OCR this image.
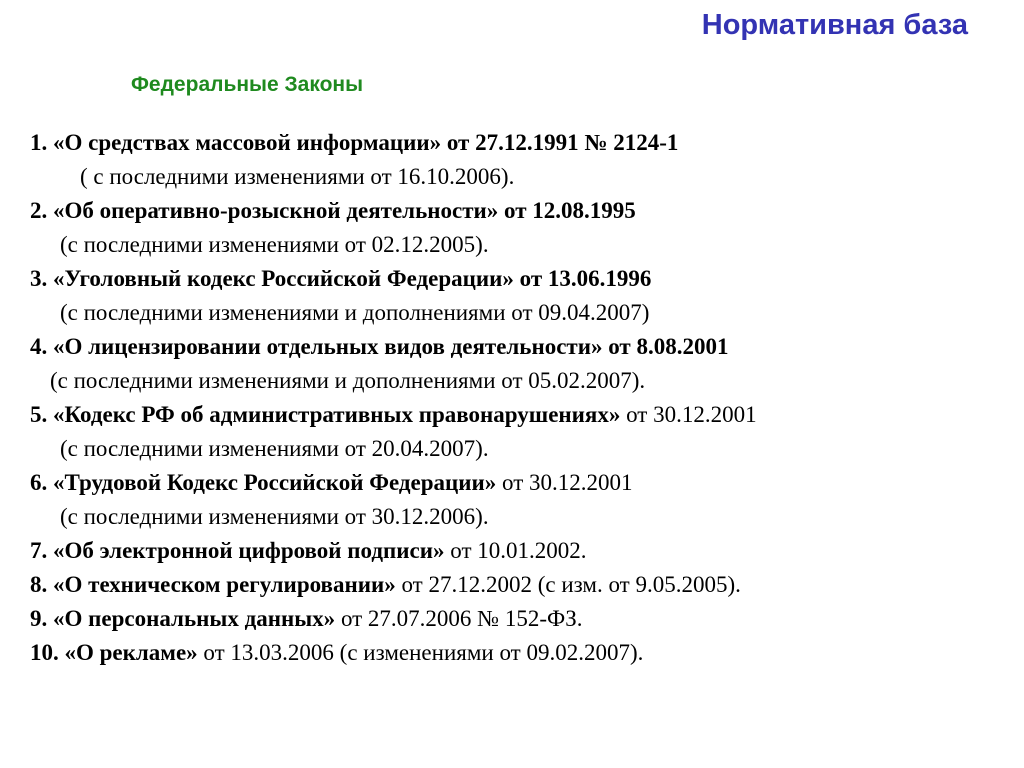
Нормативная база
Федеральные Законы
1. «О средствах массовой информации» от 27.12.1991 № 2124-1
( с последними изменениями от 16.10.2006).
2. «Об оперативно-розыскной деятельности» от 12.08.1995
(с последними изменениями от 02.12.2005).
3. «Уголовный кодекс Российской Федерации» от 13.06.1996
(с последними изменениями и дополнениями от 09.04.2007)
4. «О лицензировании отдельных видов деятельности» от 8.08.2001
(с последними изменениями и дополнениями от 05.02.2007).
5. «Кодекс РФ об административных правонарушениях» от 30.12.2001
(с последними изменениями от 20.04.2007).
6. «Трудовой Кодекс Российской Федерации» от 30.12.2001
(с последними изменениями от 30.12.2006).
7. «Об электронной цифровой подписи» от 10.01.2002.
8. «О техническом регулировании» от 27.12.2002 (с изм. от 9.05.2005).
9. «О персональных данных» от 27.07.2006 № 152-ФЗ.
10. «О рекламе» от 13.03.2006 (с изменениями от 09.02.2007).
